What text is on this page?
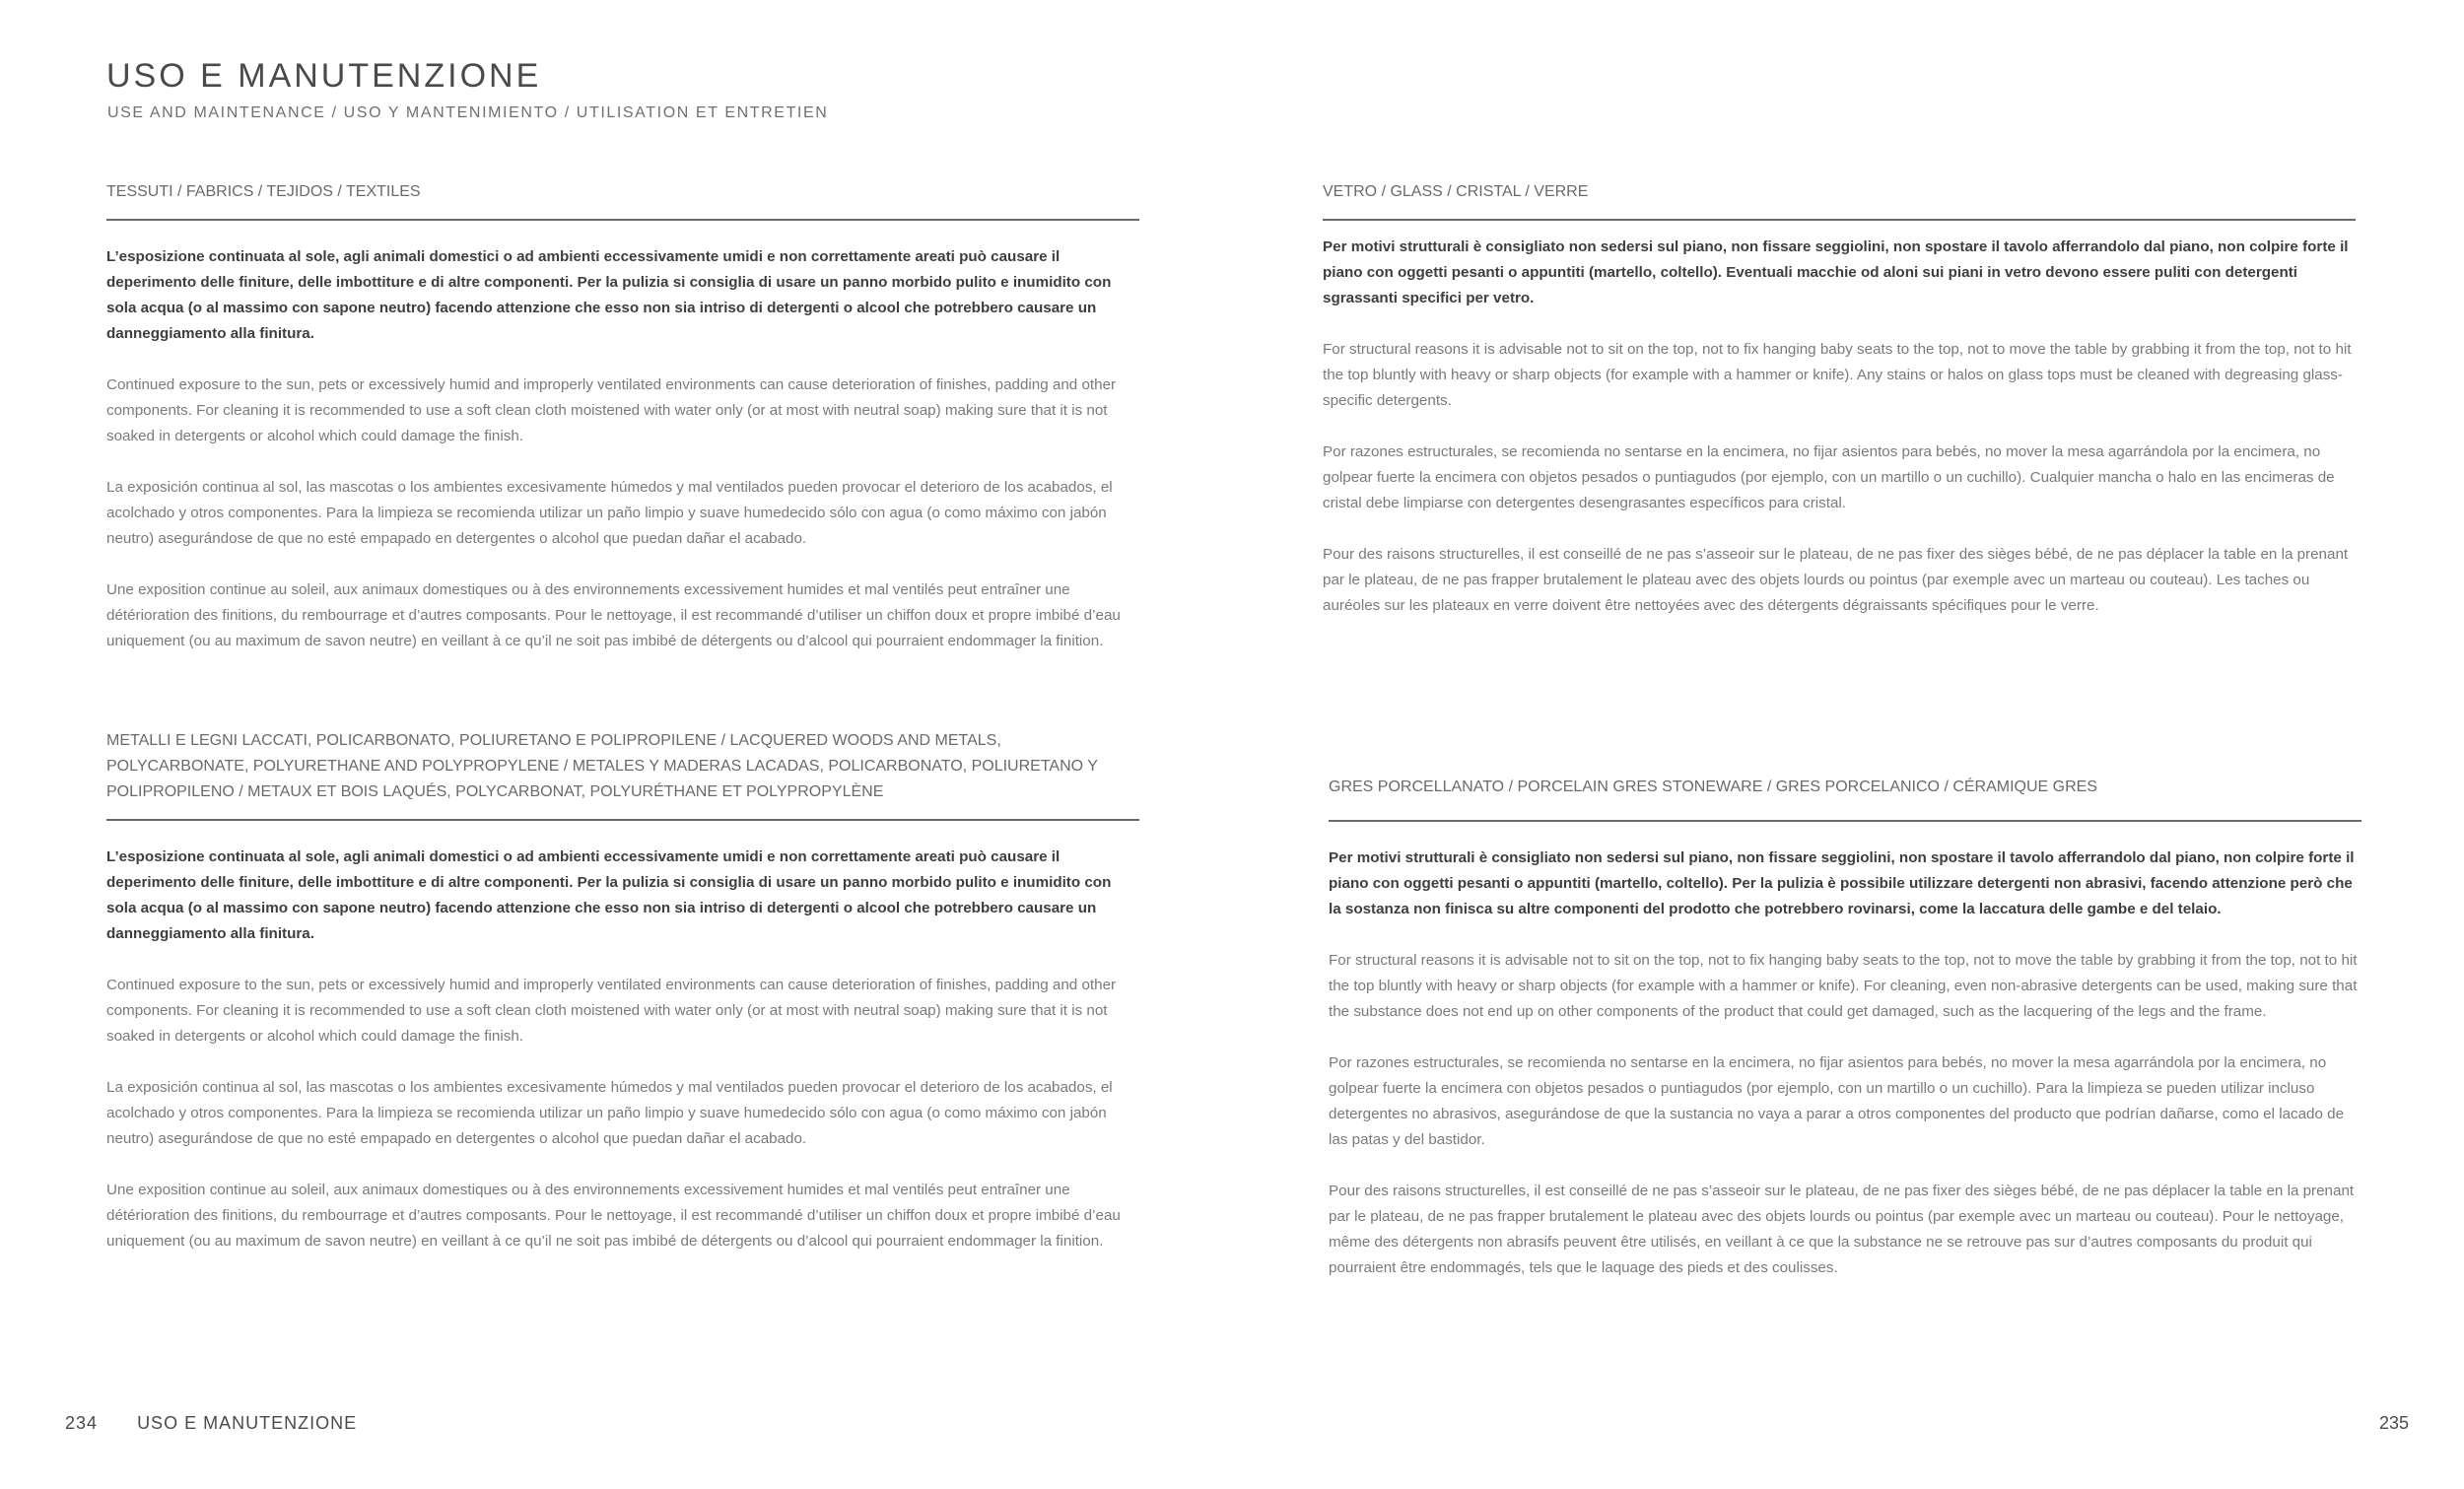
USO E MANUTENZIONE
USE AND MAINTENANCE / USO Y MANTENIMIENTO / UTILISATION ET ENTRETIEN
TESSUTI / FABRICS / TEJIDOS / TEXTILES

L’esposizione continuata al sole, agli animali domestici o ad ambienti eccessivamente umidi e non correttamente areati può causare il deperimento delle finiture, delle imbottiture e di altre componenti. Per la pulizia si consiglia di usare un panno morbido pulito e inumidito con sola acqua (o al massimo con sapone neutro) facendo attenzione che esso non sia intriso di detergenti o alcool che potrebbero causare un danneggiamento alla finitura.

Continued exposure to the sun, pets or excessively humid and improperly ventilated environments can cause deterioration of finishes, padding and other components. For cleaning it is recommended to use a soft clean cloth moistened with water only (or at most with neutral soap) making sure that it is not soaked in detergents or alcohol which could damage the finish.

La exposición continua al sol, las mascotas o los ambientes excesivamente húmedos y mal ventilados pueden provocar el deterioro de los acabados, el acolchado y otros componentes. Para la limpieza se recomienda utilizar un paño limpio y suave humedecido sólo con agua (o como máximo con jabón neutro) asegurándose de que no esté empapado en detergentes o alcohol que puedan dañar el acabado.

Une exposition continue au soleil, aux animaux domestiques ou à des environnements excessivement humides et mal ventilés peut entraîner une détérioration des finitions, du rembourrage et d’autres composants. Pour le nettoyage, il est recommandé d’utiliser un chiffon doux et propre imbibé d’eau uniquement (ou au maximum de savon neutre) en veillant à ce qu’il ne soit pas imbibé de détergents ou d’alcool qui pourraient endommager la finition.

METALLI E LEGNI LACCATI, POLICARBONATO, POLIURETANO E POLIPROPILENE / LACQUERED WOODS AND METALS, POLYCARBONATE, POLYURETHANE AND POLYPROPYLENE / METALES Y MADERAS LACADAS, POLICARBONATO, POLIURETANO Y POLIPROPILENO / METAUX ET BOIS LAQUÉS, POLYCARBONAT, POLYURÉTHANE ET POLYPROPYLÈNE

L’esposizione continuata al sole, agli animali domestici o ad ambienti eccessivamente umidi e non correttamente areati può causare il deperimento delle finiture, delle imbottiture e di altre componenti. Per la pulizia si consiglia di usare un panno morbido pulito e inumidito con sola acqua (o al massimo con sapone neutro) facendo attenzione che esso non sia intriso di detergenti o alcool che potrebbero causare un danneggiamento alla finitura.

Continued exposure to the sun, pets or excessively humid and improperly ventilated environments can cause deterioration of finishes, padding and other components. For cleaning it is recommended to use a soft clean cloth moistened with water only (or at most with neutral soap) making sure that it is not soaked in detergents or alcohol which could damage the finish.

La exposición continua al sol, las mascotas o los ambientes excesivamente húmedos y mal ventilados pueden provocar el deterioro de los acabados, el acolchado y otros componentes. Para la limpieza se recomienda utilizar un paño limpio y suave humedecido sólo con agua (o como máximo con jabón neutro) asegurándose de que no esté empapado en detergentes o alcohol que puedan dañar el acabado.

Une exposition continue au soleil, aux animaux domestiques ou à des environnements excessivement humides et mal ventilés peut entraîner une détérioration des finitions, du rembourrage et d’autres composants. Pour le nettoyage, il est recommandé d’utiliser un chiffon doux et propre imbibé d’eau uniquement (ou au maximum de savon neutre) en veillant à ce qu’il ne soit pas imbibé de détergents ou d’alcool qui pourraient endommager la finition.

VETRO / GLASS / CRISTAL / VERRE

Per motivi strutturali è consigliato non sedersi sul piano, non fissare seggiolini, non spostare il tavolo afferrandolo dal piano, non colpire forte il piano con oggetti pesanti o appuntiti (martello, coltello). Eventuali macchie od aloni sui piani in vetro devono essere puliti con detergenti sgrassanti specifici per vetro.

For structural reasons it is advisable not to sit on the top, not to fix hanging baby seats to the top, not to move the table by grabbing it from the top, not to hit the top bluntly with heavy or sharp objects (for example with a hammer or knife). Any stains or halos on glass tops must be cleaned with degreasing glass-specific detergents.

Por razones estructurales, se recomienda no sentarse en la encimera, no fijar asientos para bebés, no mover la mesa agarrándola por la encimera, no golpear fuerte la encimera con objetos pesados o puntiagudos (por ejemplo, con un martillo o un cuchillo). Cualquier mancha o halo en las encimeras de cristal debe limpiarse con detergentes desengrasantes específicos para cristal.

Pour des raisons structurelles, il est conseillé de ne pas s’asseoir sur le plateau, de ne pas fixer des sièges bébé, de ne pas déplacer la table en la prenant par le plateau, de ne pas frapper brutalement le plateau avec des objets lourds ou pointus (par exemple avec un marteau ou couteau). Les taches ou auréoles sur les plateaux en verre doivent être nettoyées avec des détergents dégraissants spécifiques pour le verre.

GRES PORCELLANATO / PORCELAIN GRES STONEWARE / GRES PORCELANICO / CÉRAMIQUE GRES

Per motivi strutturali è consigliato non sedersi sul piano, non fissare seggiolini, non spostare il tavolo afferrandolo dal piano, non colpire forte il piano con oggetti pesanti o appuntiti (martello, coltello). Per la pulizia è possibile utilizzare detergenti non abrasivi, facendo attenzione però che la sostanza non finisca su altre componenti del prodotto che potrebbero rovinarsi, come la laccatura delle gambe e del telaio.

For structural reasons it is advisable not to sit on the top, not to fix hanging baby seats to the top, not to move the table by grabbing it from the top, not to hit the top bluntly with heavy or sharp objects (for example with a hammer or knife). For cleaning, even non-abrasive detergents can be used, making sure that the substance does not end up on other components of the product that could get damaged, such as the lacquering of the legs and the frame.

Por razones estructurales, se recomienda no sentarse en la encimera, no fijar asientos para bebés, no mover la mesa agarrándola por la encimera, no golpear fuerte la encimera con objetos pesados o puntiagudos (por ejemplo, con un martillo o un cuchillo). Para la limpieza se pueden utilizar incluso detergentes no abrasivos, asegurándose de que la sustancia no vaya a parar a otros componentes del producto que podrían dañarse, como el lacado de las patas y del bastidor.

Pour des raisons structurelles, il est conseillé de ne pas s’asseoir sur le plateau, de ne pas fixer des sièges bébé, de ne pas déplacer la table en la prenant par le plateau, de ne pas frapper brutalement le plateau avec des objets lourds ou pointus (par exemple avec un marteau ou couteau). Pour le nettoyage, même des détergents non abrasifs peuvent être utilisés, en veillant à ce que la substance ne se retrouve pas sur d’autres composants du produit qui pourraient être endommagés, tels que le laquage des pieds et des coulisses.

234 USO E MANUTENZIONE	235
